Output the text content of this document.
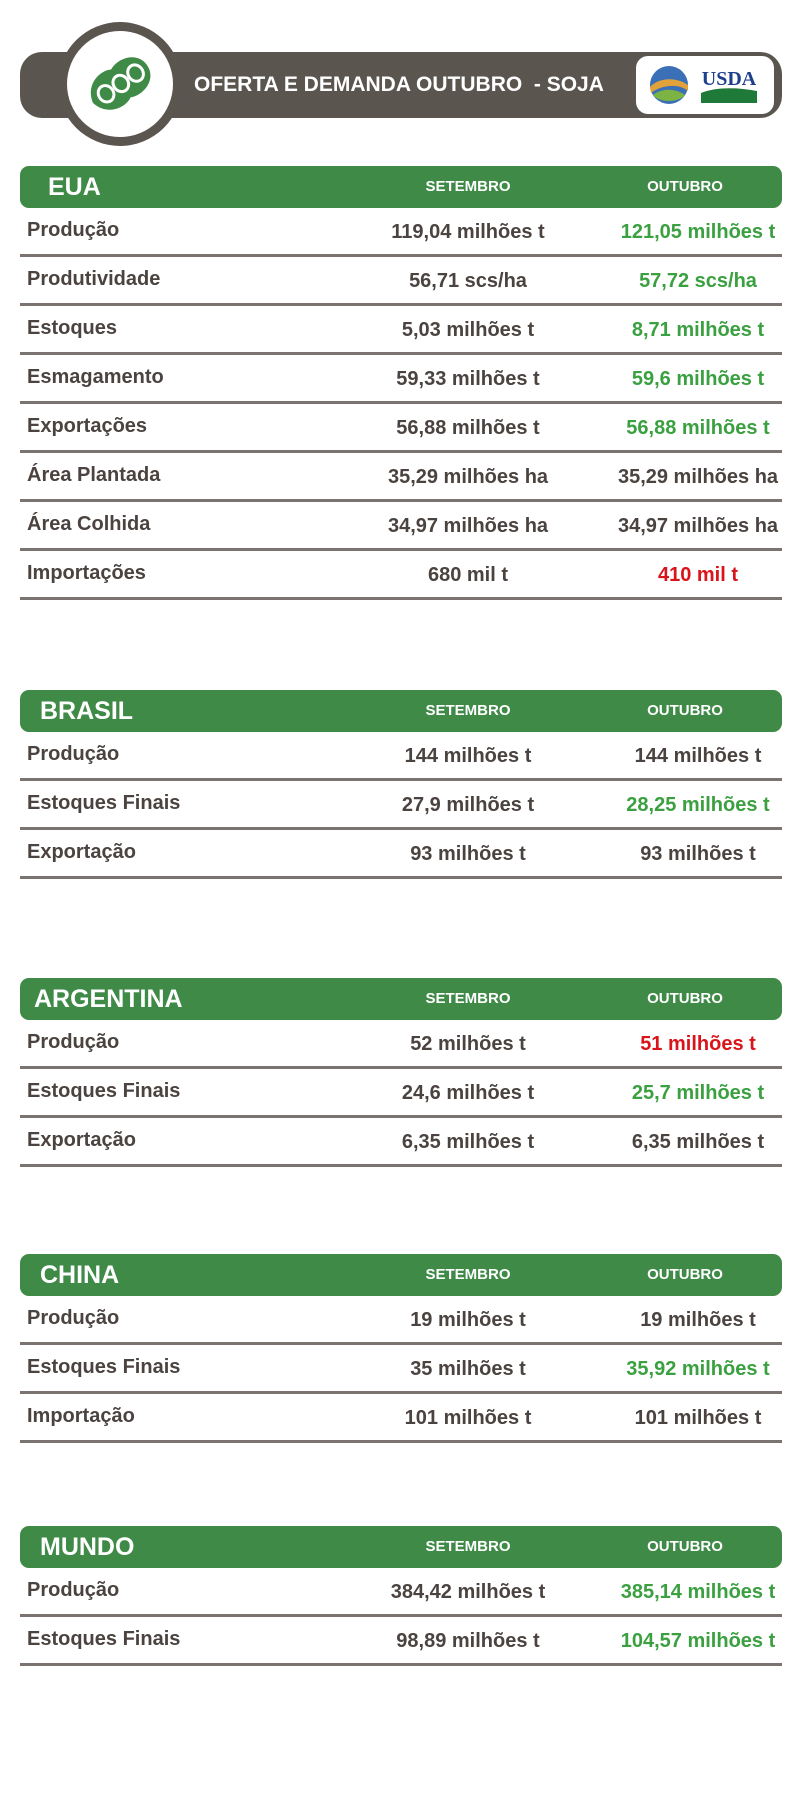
OFERTA E DEMANDA OUTUBRO  - SOJA	USDA
EUA	SETEMBRO	OUTUBRO
Produção	119,04 milhões t	121,05 milhões t
Produtividade	56,71 scs/ha	57,72 scs/ha
Estoques	5,03 milhões t	8,71 milhões t
Esmagamento	59,33 milhões t	59,6 milhões t
Exportações	56,88 milhões t	56,88 milhões t
Área Plantada	35,29 milhões ha	35,29 milhões ha
Área Colhida	34,97 milhões ha	34,97 milhões ha
Importações	680 mil t	410 mil t
BRASIL	SETEMBRO	OUTUBRO
Produção	144 milhões t	144 milhões t
Estoques Finais	27,9 milhões t	28,25 milhões t
Exportação	93 milhões t	93 milhões t
ARGENTINA	SETEMBRO	OUTUBRO
Produção	52 milhões t	51 milhões t
Estoques Finais	24,6 milhões t	25,7 milhões t
Exportação	6,35 milhões t	6,35 milhões t
CHINA	SETEMBRO	OUTUBRO
Produção	19 milhões t	19 milhões t
Estoques Finais	35 milhões t	35,92 milhões t
Importação	101 milhões t	101 milhões t
MUNDO	SETEMBRO	OUTUBRO
Produção	384,42 milhões t	385,14 milhões t
Estoques Finais	98,89 milhões t	104,57 milhões t
